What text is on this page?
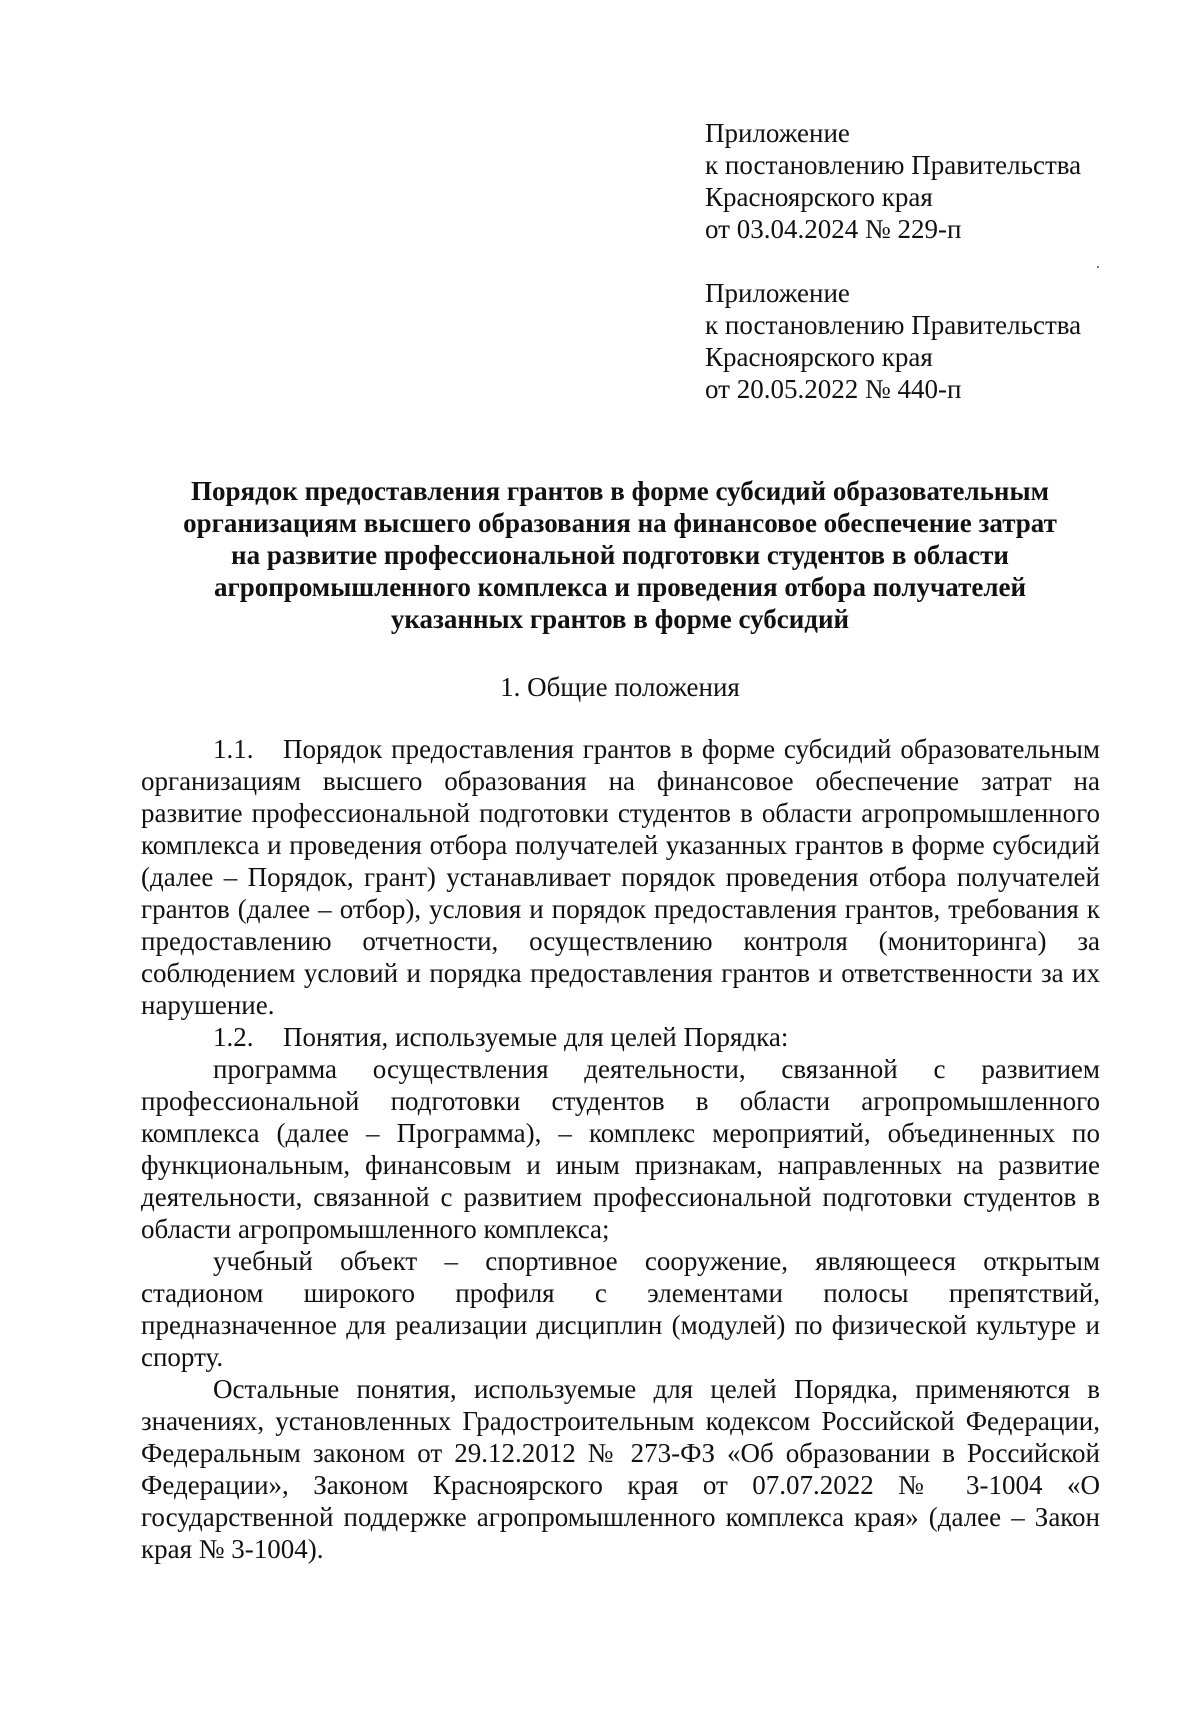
Приложение
к постановлению Правительства
Красноярского края
от 03.04.2024 № 229-п
Приложение
к постановлению Правительства
Красноярского края
от 20.05.2022 № 440-п
Порядок предоставления грантов в форме субсидий образовательным
организациям высшего образования на финансовое обеспечение затрат
на развитие профессиональной подготовки студентов в области
агропромышленного комплекса и проведения отбора получателей
указанных грантов в форме субсидий
1. Общие положения

1.1. Порядок предоставления грантов в форме субсидий образовательным организациям высшего образования на финансовое обеспечение затрат на развитие профессиональной подготовки студентов в области агропромышленного комплекса и проведения отбора получателей указанных грантов в форме субсидий (далее – Порядок, грант) устанавливает порядок проведения отбора получателей грантов (далее – отбор), условия и порядок предоставления грантов, требования к предоставлению отчетности, осуществлению контроля (мониторинга) за соблюдением условий и порядка предоставления грантов и ответственности за их нарушение.

1.2. Понятия, используемые для целей Порядка:

программа осуществления деятельности, связанной с развитием профессиональной подготовки студентов в области агропромышленного комплекса (далее – Программа), – комплекс мероприятий, объединенных по функциональным, финансовым и иным признакам, направленных на развитие деятельности, связанной с развитием профессиональной подготовки студентов в области агропромышленного комплекса;

учебный объект – спортивное сооружение, являющееся открытым стадионом широкого профиля с элементами полосы препятствий, предназначенное для реализации дисциплин (модулей) по физической культуре и спорту.

Остальные понятия, используемые для целей Порядка, применяются в значениях, установленных Градостроительным кодексом Российской Федерации, Федеральным законом от 29.12.2012 № 273-ФЗ «Об образовании в Российской Федерации», Законом Красноярского края от 07.07.2022 № 3-1004 «О государственной поддержке агропромышленного комплекса края» (далее – Закон края № 3-1004).
